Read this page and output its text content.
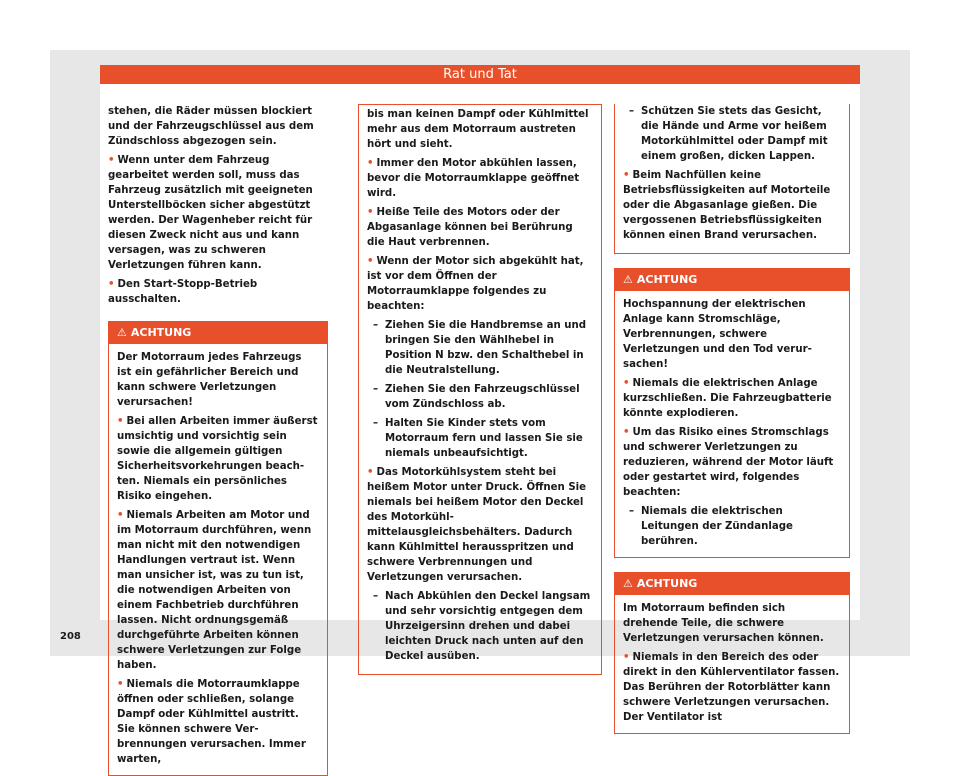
Rat und Tat

stehen, die Räder müssen blockiert und der Fahrzeugschlüssel aus dem Zündschloss abgezogen sein.

• Wenn unter dem Fahrzeug gearbeitet werden soll, muss das Fahrzeug zusätzlich mit geeigneten Unterstellböcken sicher abgestützt werden. Der Wagenheber reicht für diesen Zweck nicht aus und kann versagen, was zu schweren Verletzungen führen kann.

• Den Start-Stopp-Betrieb ausschalten.

⚠ ACHTUNG

Der Motorraum jedes Fahrzeugs ist ein gefährlicher Bereich und kann schwere Verletzungen verursachen!

• Bei allen Arbeiten immer äußerst umsichtig und vorsichtig sein sowie die allgemein gültigen Sicherheitsvorkehrungen beachten. Niemals ein persönliches Risiko eingehen.

• Niemals Arbeiten am Motor und im Motorraum durchführen, wenn man nicht mit den notwendigen Handlungen vertraut ist. Wenn man unsicher ist, was zu tun ist, die notwendigen Arbeiten von einem Fachbetrieb durchführen lassen. Nicht ordnungsgemäß durchgeführte Arbeiten können schwere Verletzungen zur Folge haben.

• Niemals die Motorraumklappe öffnen oder schließen, solange Dampf oder Kühlmittel austritt. Sie können schwere Verbrennungen verursachen. Immer warten,

bis man keinen Dampf oder Kühlmittel mehr aus dem Motorraum austreten hört und sieht.

• Immer den Motor abkühlen lassen, bevor die Motorraumklappe geöffnet wird.

• Heiße Teile des Motors oder der Abgasanlage können bei Berührung die Haut verbrennen.

• Wenn der Motor sich abgekühlt hat, ist vor dem Öffnen der Motorraumklappe folgendes zu beachten:

– Ziehen Sie die Handbremse an und bringen Sie den Wählhebel in Position N bzw. den Schalthebel in die Neutralstellung.

– Ziehen Sie den Fahrzeugschlüssel vom Zündschloss ab.

– Halten Sie Kinder stets vom Motorraum fern und lassen Sie sie niemals unbeaufsichtigt.

• Das Motorkühlsystem steht bei heißem Motor unter Druck. Öffnen Sie niemals bei heißem Motor den Deckel des Motorkühlmittelausgleichsbehälters. Dadurch kann Kühlmittel herausspritzen und schwere Verbrennungen und Verletzungen verursachen.

– Nach Abkühlen den Deckel langsam und sehr vorsichtig entgegen dem Uhrzeigersinn drehen und dabei leichten Druck nach unten auf den Deckel ausüben.

– Schützen Sie stets das Gesicht, die Hände und Arme vor heißem Motorkühlmittel oder Dampf mit einem großen, dicken Lappen.

• Beim Nachfüllen keine Betriebsflüssigkeiten auf Motorteile oder die Abgasanlage gießen. Die vergossenen Betriebsflüssigkeiten können einen Brand verursachen.

⚠ ACHTUNG

Hochspannung der elektrischen Anlage kann Stromschläge, Verbrennungen, schwere Verletzungen und den Tod verursachen!

• Niemals die elektrischen Anlage kurzschließen. Die Fahrzeugbatterie könnte explodieren.

• Um das Risiko eines Stromschlags und schwerer Verletzungen zu reduzieren, während der Motor läuft oder gestartet wird, folgendes beachten:

– Niemals die elektrischen Leitungen der Zündanlage berühren.

⚠ ACHTUNG

Im Motorraum befinden sich drehende Teile, die schwere Verletzungen verursachen können.

• Niemals in den Bereich des oder direkt in den Kühlerventilator fassen. Das Berühren der Rotorblätter kann schwere Verletzungen verursachen. Der Ventilator ist

208
